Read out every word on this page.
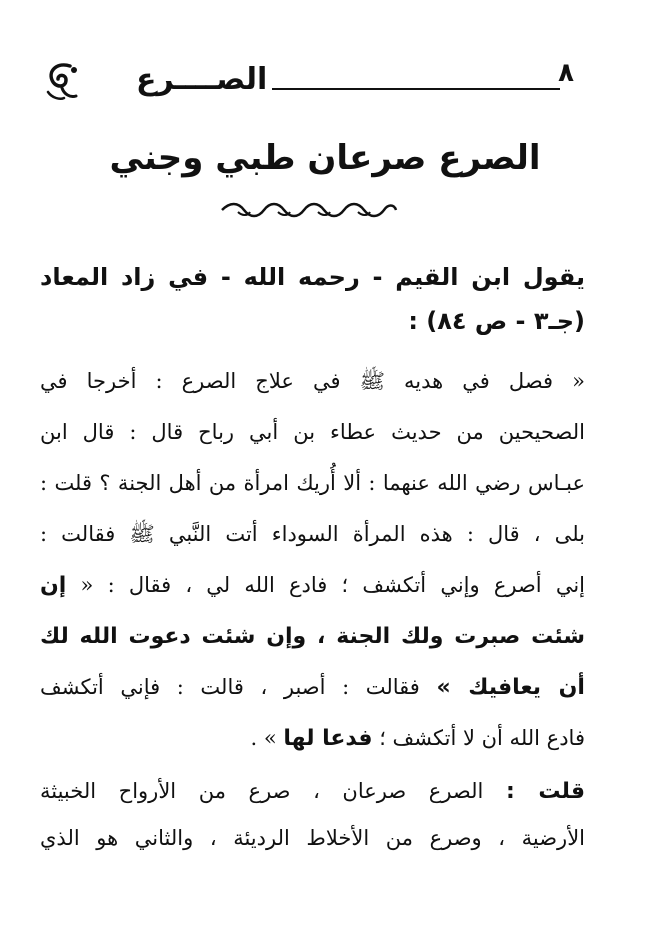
الصــــرع	٨
الصرع صرعان طبي وجني
يقول ابن القيم - رحمه الله - في زاد المعاد
(جـ٣ - ص ٨٤) :
« فصل في هديه ﷺ في علاج الصرع : أخرجا في
الصحيحين من حديث عطاء بن أبي رباح قال : قال ابن
عبـاس رضي الله عنهما : ألا أُريك امرأة من أهل الجنة ؟ قلت :
بلى ، قال : هذه المرأة السوداء أتت النَّبي ﷺ فقالت :
إني أصرع وإني أتكشف ؛ فادع الله لي ، فقال : « إن
شئت صبرت ولك الجنة ، وإن شئت دعوت الله لك
أن يعافيك » فقالت : أصبر ، قالت : فإني أتكشف
فادع الله أن لا أتكشف ؛ فدعا لها » .
قلت : الصرع صرعان ، صرع من الأرواح الخبيثة
الأرضية ، وصرع من الأخلاط الرديئة ، والثاني هو الذي
